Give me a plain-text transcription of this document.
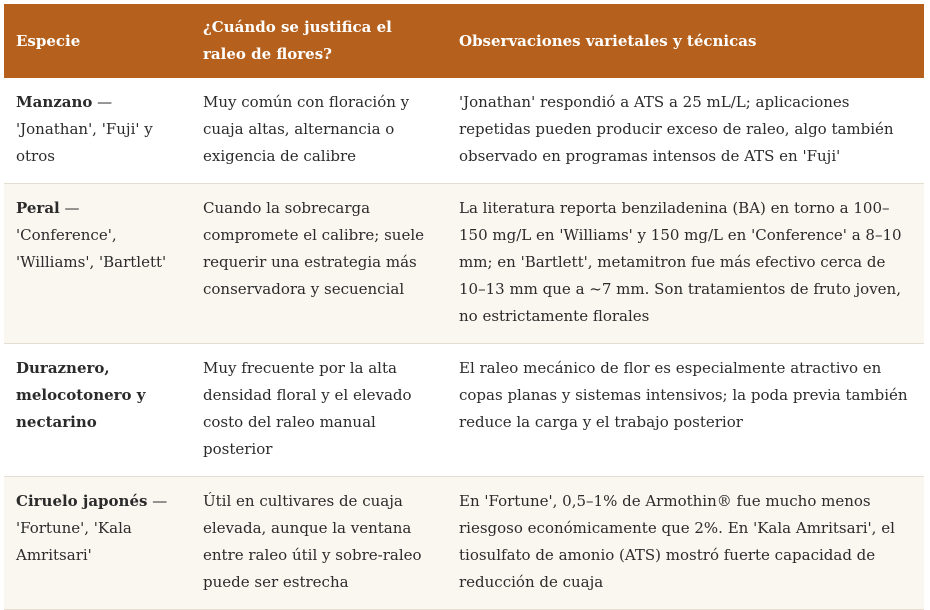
Especie	¿Cuándo se justifica el raleo de flores?	Observaciones varietales y técnicas
Manzano — 'Jonathan', 'Fuji' y otros	Muy común con floración y cuaja altas, alternancia o exigencia de calibre	'Jonathan' respondió a ATS a 25 mL/L; aplicaciones repetidas pueden producir exceso de raleo, algo también observado en programas intensos de ATS en 'Fuji'
Peral — 'Conference', 'Williams', 'Bartlett'	Cuando la sobrecarga compromete el calibre; suele requerir una estrategia más conservadora y secuencial	La literatura reporta benziladenina (BA) en torno a 100–150 mg/L en 'Williams' y 150 mg/L en 'Conference' a 8–10 mm; en 'Bartlett', metamitron fue más efectivo cerca de 10–13 mm que a ~7 mm. Son tratamientos de fruto joven, no estrictamente florales
Duraznero, melocotonero y nectarino	Muy frecuente por la alta densidad floral y el elevado costo del raleo manual posterior	El raleo mecánico de flor es especialmente atractivo en copas planas y sistemas intensivos; la poda previa también reduce la carga y el trabajo posterior
Ciruelo japonés — 'Fortune', 'Kala Amritsari'	Útil en cultivares de cuaja elevada, aunque la ventana entre raleo útil y sobre-raleo puede ser estrecha	En 'Fortune', 0,5–1% de Armothin® fue mucho menos riesgoso económicamente que 2%. En 'Kala Amritsari', el tiosulfato de amonio (ATS) mostró fuerte capacidad de reducción de cuaja
